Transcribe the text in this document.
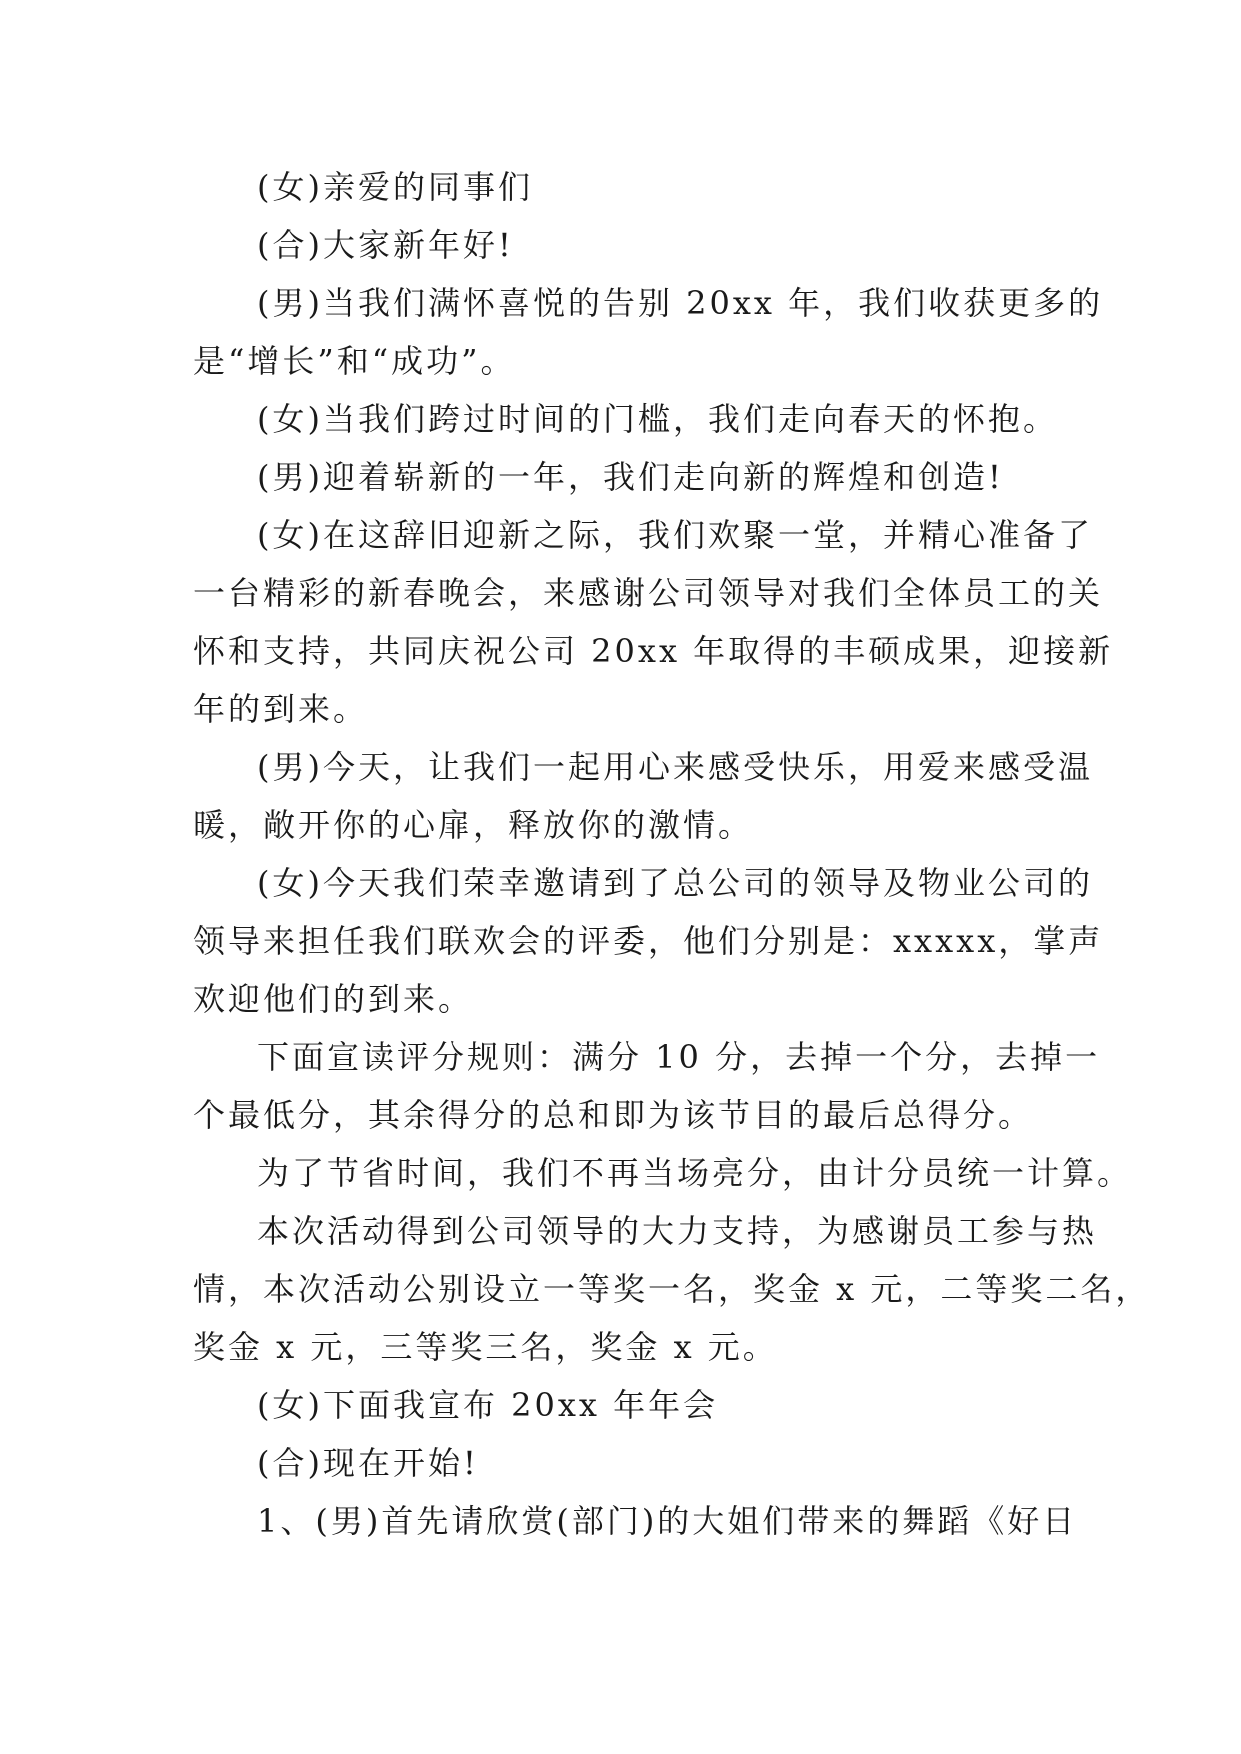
(女)亲爱的同事们
(合)大家新年好!
(男)当我们满怀喜悦的告别 20xx 年，我们收获更多的
是“增长”和“成功”。
(女)当我们跨过时间的门槛，我们走向春天的怀抱。
(男)迎着崭新的一年，我们走向新的辉煌和创造!
(女)在这辞旧迎新之际，我们欢聚一堂，并精心准备了
一台精彩的新春晚会，来感谢公司领导对我们全体员工的关
怀和支持，共同庆祝公司 20xx 年取得的丰硕成果，迎接新
年的到来。
(男)今天，让我们一起用心来感受快乐，用爱来感受温
暖，敞开你的心扉，释放你的激情。
(女)今天我们荣幸邀请到了总公司的领导及物业公司的
领导来担任我们联欢会的评委，他们分别是：xxxxx，掌声
欢迎他们的到来。
下面宣读评分规则：满分 10 分，去掉一个分，去掉一
个最低分，其余得分的总和即为该节目的最后总得分。
为了节省时间，我们不再当场亮分，由计分员统一计算。
本次活动得到公司领导的大力支持，为感谢员工参与热
情，本次活动公别设立一等奖一名，奖金 x 元，二等奖二名，
奖金 x 元，三等奖三名，奖金 x 元。
(女)下面我宣布 20xx 年年会
(合)现在开始!
1、(男)首先请欣赏(部门)的大姐们带来的舞蹈《好日
